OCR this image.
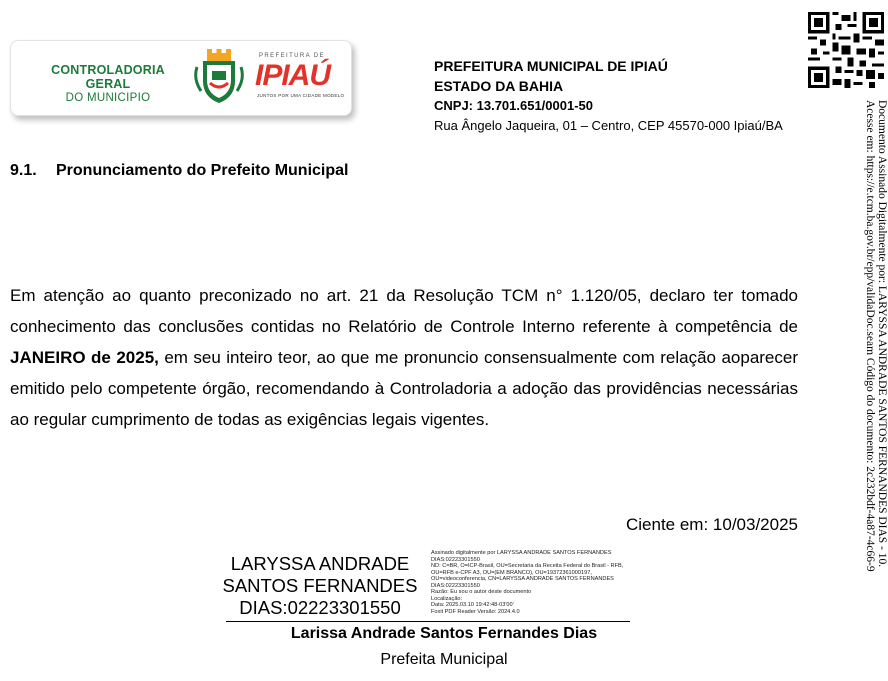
CONTROLADORIA GERAL
DO MUNICIPIO
PREFEITURA DE
IPIAÚ
JUNTOS POR UMA CIDADE MODELO
PREFEITURA MUNICIPAL DE IPIAÚ
ESTADO DA BAHIA
CNPJ: 13.701.651/0001-50
Rua Ângelo Jaqueira, 01 – Centro, CEP 45570-000 Ipiaú/BA	Documento Assinado Digitalmente por: LARYSSA ANDRADE SANTOS FERNANDES DIAS - 10.
Acesse em: https://e.tcm.ba.gov.br/epp/validaDoc.seam Código do documento: 2c232bdf-4a87-4c66-9
9.1. Pronunciamento do Prefeito Municipal

Em atenção ao quanto preconizado no art. 21 da Resolução TCM n° 1.120/05, declaro ter tomado conhecimento das conclusões contidas no Relatório de Controle Interno referente à competência de JANEIRO de 2025, em seu inteiro teor, ao que me pronuncio consensualmente com relação aoparecer emitido pelo competente órgão, recomendando à Controladoria a adoção das providências necessárias ao regular cumprimento de todas as exigências legais vigentes.

Ciente em: 10/03/2025
LARYSSA ANDRADE
SANTOS FERNANDES
DIAS:02223301550
Assinado digitalmente por LARYSSA ANDRADE SANTOS FERNANDES DIAS:02223301550
ND: C=BR, O=ICP-Brasil, OU=Secretaria da Receita Federal do Brasil - RFB, OU=RFB e-CPF A3, OU=(EM BRANCO), OU=19372361000197, OU=videoconferencia, CN=LARYSSA ANDRADE SANTOS FERNANDES DIAS:02223301550
Razão: Eu sou o autor deste documento
Localização:
Data: 2025.03.10 19:42:48-03'00'
Foxit PDF Reader Versão: 2024.4.0
Larissa Andrade Santos Fernandes Dias
Prefeita Municipal
